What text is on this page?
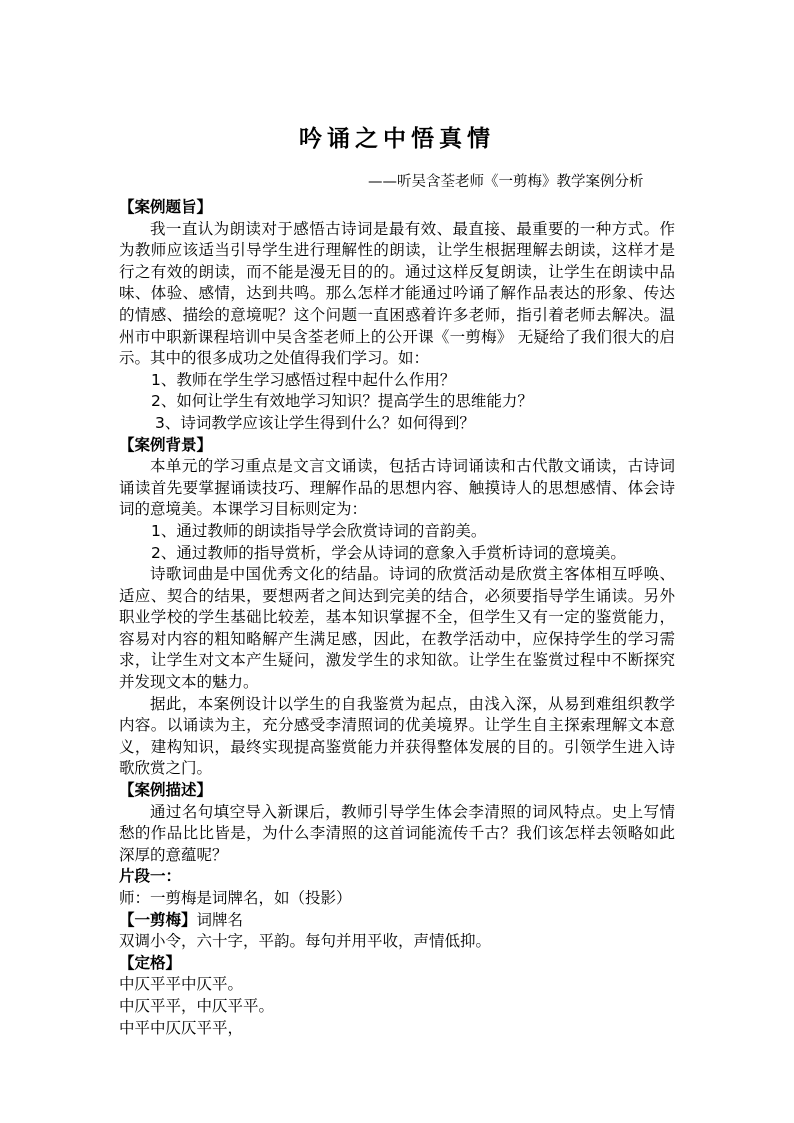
吟诵之中悟真情
——听吴含荃老师《一剪梅》教学案例分析

【案例题旨】

我一直认为朗读对于感悟古诗词是最有效、最直接、最重要的一种方式。作为教师应该适当引导学生进行理解性的朗读，让学生根据理解去朗读，这样才是行之有效的朗读，而不能是漫无目的的。通过这样反复朗读，让学生在朗读中品味、体验、感情，达到共鸣。那么怎样才能通过吟诵了解作品表达的形象、传达的情感、描绘的意境呢？这个问题一直困惑着许多老师，指引着老师去解决。温州市中职新课程培训中吴含荃老师上的公开课《一剪梅》 无疑给了我们很大的启示。其中的很多成功之处值得我们学习。如：

1、教师在学生学习感悟过程中起什么作用？

2、如何让学生有效地学习知识？提高学生的思维能力？

3、诗词教学应该让学生得到什么？如何得到？

【案例背景】

本单元的学习重点是文言文诵读，包括古诗词诵读和古代散文诵读，古诗词诵读首先要掌握诵读技巧、理解作品的思想内容、触摸诗人的思想感情、体会诗词的意境美。本课学习目标则定为：

1、通过教师的朗读指导学会欣赏诗词的音韵美。

2、通过教师的指导赏析，学会从诗词的意象入手赏析诗词的意境美。

诗歌词曲是中国优秀文化的结晶。诗词的欣赏活动是欣赏主客体相互呼唤、适应、契合的结果，要想两者之间达到完美的结合，必须要指导学生诵读。另外职业学校的学生基础比较差，基本知识掌握不全，但学生又有一定的鉴赏能力，容易对内容的粗知略解产生满足感，因此，在教学活动中，应保持学生的学习需求，让学生对文本产生疑问，激发学生的求知欲。让学生在鉴赏过程中不断探究并发现文本的魅力。

据此，本案例设计以学生的自我鉴赏为起点，由浅入深，从易到难组织教学内容。以诵读为主，充分感受李清照词的优美境界。让学生自主探索理解文本意义，建构知识，最终实现提高鉴赏能力并获得整体发展的目的。引领学生进入诗歌欣赏之门。

【案例描述】

通过名句填空导入新课后，教师引导学生体会李清照的词风特点。史上写情愁的作品比比皆是，为什么李清照的这首词能流传千古？我们该怎样去领略如此深厚的意蕴呢？

片段一：

师：一剪梅是词牌名，如（投影）

【一剪梅】词牌名

双调小令，六十字，平韵。每句并用平收，声情低抑。

【定格】

中仄平平中仄平。

中仄平平，中仄平平。

中平中仄仄平平，
